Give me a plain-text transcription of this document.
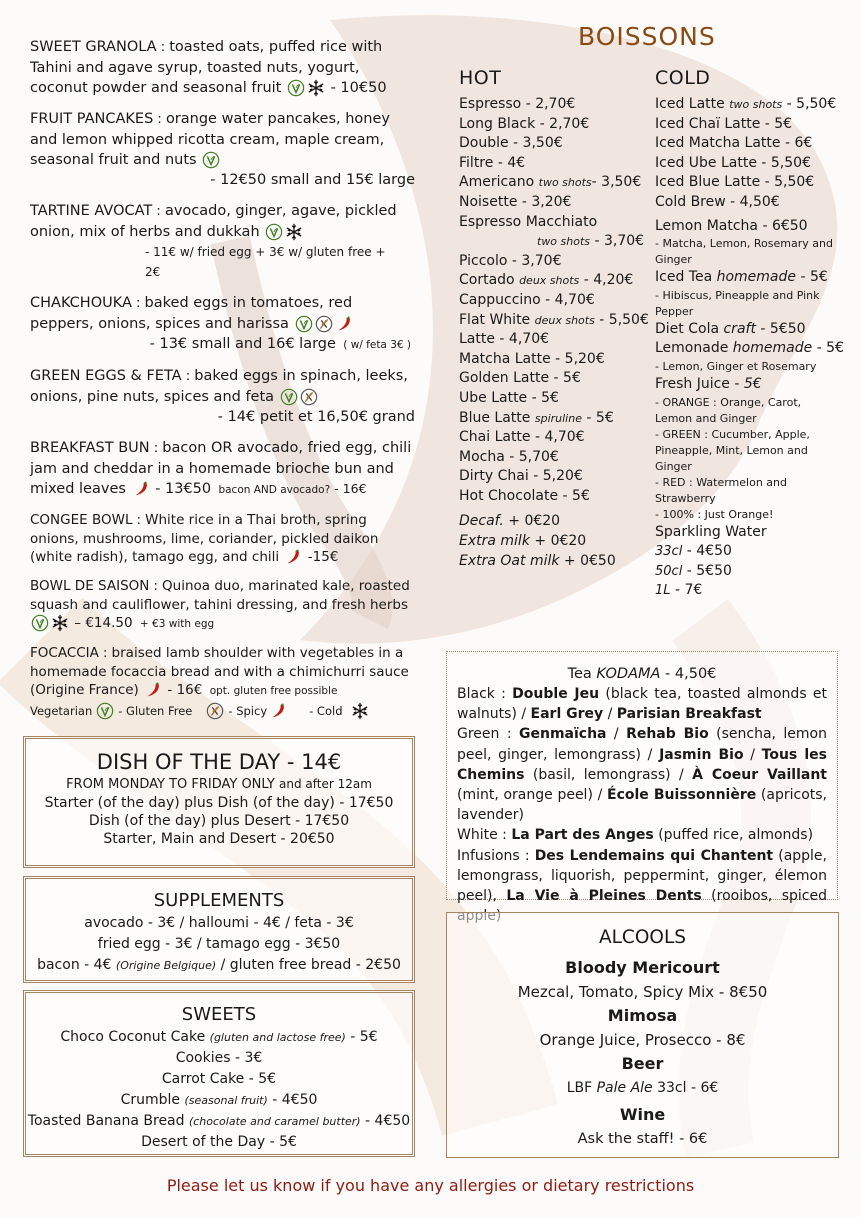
SWEET GRANOLA : toasted oats, puffed rice with Tahini and agave syrup, toasted nuts, yogurt, coconut powder and seasonal fruit	- 10€50
FRUIT PANCAKES : orange water pancakes, honey and lemon whipped ricotta cream, maple cream, seasonal fruit and nuts
- 12€50 small and 15€ large
TARTINE AVOCAT : avocado, ginger, agave, pickled onion, mix of herbs and dukkah
- 11€ w/ fried egg + 3€ w/ gluten free + 2€
CHAKCHOUKA : baked eggs in tomatoes, red peppers, onions, spices and harissa
- 13€ small and 16€ large ( w/ feta 3€ )
GREEN EGGS & FETA : baked eggs in spinach, leeks, onions, pine nuts, spices and feta
- 14€ petit et 16,50€ grand
BREAKFAST BUN : bacon OR avocado, fried egg, chili jam and cheddar in a homemade brioche bun and mixed leaves  - 13€50 bacon AND avocado? - 16€
CONGEE BOWL : White rice in a Thai broth, spring onions, mushrooms, lime, coriander, pickled daikon (white radish), tamago egg, and chili  -15€
BOWL DE SAISON : Quinoa duo, marinated kale, roasted squash and cauliflower, tahini dressing, and fresh herbs  – €14.50 + €3 with egg
FOCACCIA : braised lamb shoulder with vegetables in a homemade focaccia bread and with a chimichurri sauce (Origine France)  - 16€ opt. gluten free possible
Vegetarian - Gluten Free	- Spicy	- Cold
DISH OF THE DAY - 14€
FROM MONDAY TO FRIDAY ONLY and after 12am
Starter (of the day) plus Dish (of the day) - 17€50
Dish (of the day) plus Desert - 17€50
Starter, Main and Desert - 20€50
SUPPLEMENTS
avocado - 3€ / halloumi - 4€ / feta - 3€
fried egg - 3€ / tamago egg - 3€50
bacon - 4€ (Origine Belgique) / gluten free bread - 2€50
SWEETS
Choco Coconut Cake (gluten and lactose free) - 5€
Cookies - 3€
Carrot Cake - 5€
Crumble (seasonal fruit) - 4€50
Toasted Banana Bread (chocolate and caramel butter) - 4€50
Desert of the Day - 5€
BOISSONS
HOT
Espresso - 2,70€
Long Black - 2,70€
Double - 3,50€
Filtre - 4€
Americano two shots- 3,50€
Noisette - 3,20€
Espresso Macchiato
two shots - 3,70€
Piccolo - 3,70€
Cortado deux shots - 4,20€
Cappuccino - 4,70€
Flat White deux shots - 5,50€
Latte - 4,70€
Matcha Latte - 5,20€
Golden Latte - 5€
Ube Latte - 5€
Blue Latte spiruline - 5€
Chai Latte - 4,70€
Mocha - 5,70€
Dirty Chai - 5,20€
Hot Chocolate - 5€
Decaf. + 0€20
Extra milk + 0€20
Extra Oat milk + 0€50
COLD
Iced Latte two shots - 5,50€
Iced Chaï Latte - 5€
Iced Matcha Latte - 6€
Iced Ube Latte - 5,50€
Iced Blue Latte - 5,50€
Cold Brew - 4,50€
Lemon Matcha - 6€50
- Matcha, Lemon, Rosemary and
Ginger
Iced Tea homemade - 5€
- Hibiscus, Pineapple and Pink
Pepper
Diet Cola craft - 5€50
Lemonade homemade - 5€
- Lemon, Ginger et Rosemary
Fresh Juice - 5€
- ORANGE : Orange, Carot,
Lemon and Ginger
- GREEN : Cucumber, Apple,
Pineapple, Mint, Lemon and
Ginger
- RED : Watermelon and
Strawberry
- 100% : Just Orange!
Sparkling Water
33cl - 4€50
50cl - 5€50
1L - 7€
Tea KODAMA - 4,50€

Black : Double Jeu (black tea, toasted almonds et walnuts) / Earl Grey / Parisian Breakfast

Green : Genmaïcha / Rehab Bio (sencha, lemon peel, ginger, lemongrass) / Jasmin Bio / Tous les Chemins (basil, lemongrass) / À Coeur Vaillant (mint, orange peel) / École Buissonnière (apricots, lavender)

White : La Part des Anges (puffed rice, almonds)

Infusions : Des Lendemains qui Chantent (apple, lemongrass, liquorish, peppermint, ginger, élemon peel), La Vie à Pleines Dents (rooibos, spiced

ALCOOLS
Bloody Mericourt
Mezcal, Tomato, Spicy Mix - 8€50
Mimosa
Orange Juice, Prosecco - 8€
Beer
LBF Pale Ale 33cl - 6€
Wine
Ask the staff! - 6€
Please let us know if you have any allergies or dietary restrictions
